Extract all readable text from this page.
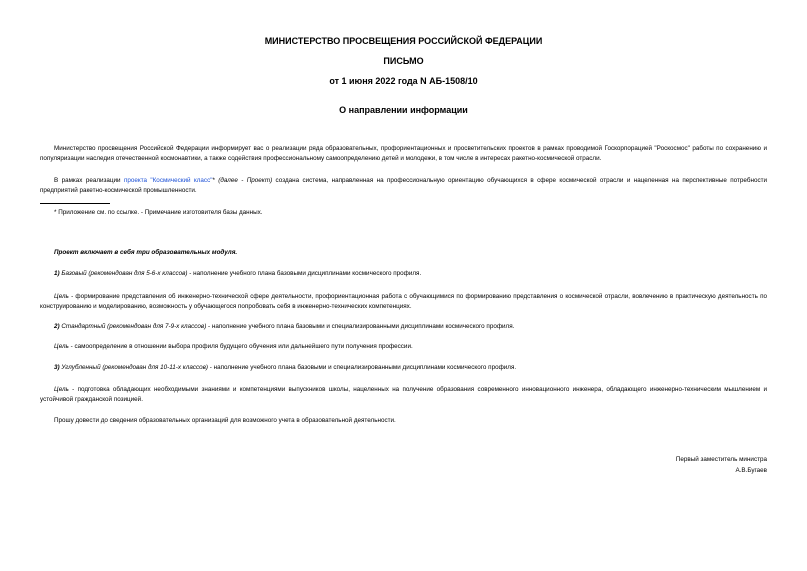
МИНИСТЕРСТВО ПРОСВЕЩЕНИЯ РОССИЙСКОЙ ФЕДЕРАЦИИ
ПИСЬМО
от 1 июня 2022 года N АБ-1508/10
О направлении информации
Министерство просвещения Российской Федерации информирует вас о реализации ряда образовательных, профориентационных и просветительских проектов в рамках проводимой Госкорпорацией "Роскосмос" работы по сохранению и популяризации наследия отечественной космонавтики, а также содействия профессиональному самоопределению детей и молодежи, в том числе в интересах ракетно-космической отрасли.
В рамках реализации проекта "Космический класс"* (далее - Проект) создана система, направленная на профессиональную ориентацию обучающихся в сфере космической отрасли и нацеленная на перспективные потребности предприятий ракетно-космической промышленности.
* Приложение см. по ссылке. - Примечание изготовителя базы данных.
Проект включает в себя три образовательных модуля.
1) Базовый (рекомендован для 5-6-х классов) - наполнение учебного плана базовыми дисциплинами космического профиля.
Цель - формирование представления об инженерно-технической сфере деятельности, профориентационная работа с обучающимися по формированию представления о космической отрасли, вовлечению в практическую деятельность по конструированию и моделированию, возможность у обучающегося попробовать себя в инженерно-технических компетенциях.
2) Стандартный (рекомендован для 7-9-х классов) - наполнение учебного плана базовыми и специализированными дисциплинами космического профиля.
Цель - самоопределение в отношении выбора профиля будущего обучения или дальнейшего пути получения профессии.
3) Углубленный (рекомендован для 10-11-х классов) - наполнение учебного плана базовыми и специализированными дисциплинами космического профиля.
Цель - подготовка обладающих необходимыми знаниями и компетенциями выпускников школы, нацеленных на получение образования современного инновационного инженера, обладающего инженерно-техническим мышлением и устойчивой гражданской позицией.
Прошу довести до сведения образовательных организаций для возможного учета в образовательной деятельности.
Первый заместитель министра
А.В.Бугаев
